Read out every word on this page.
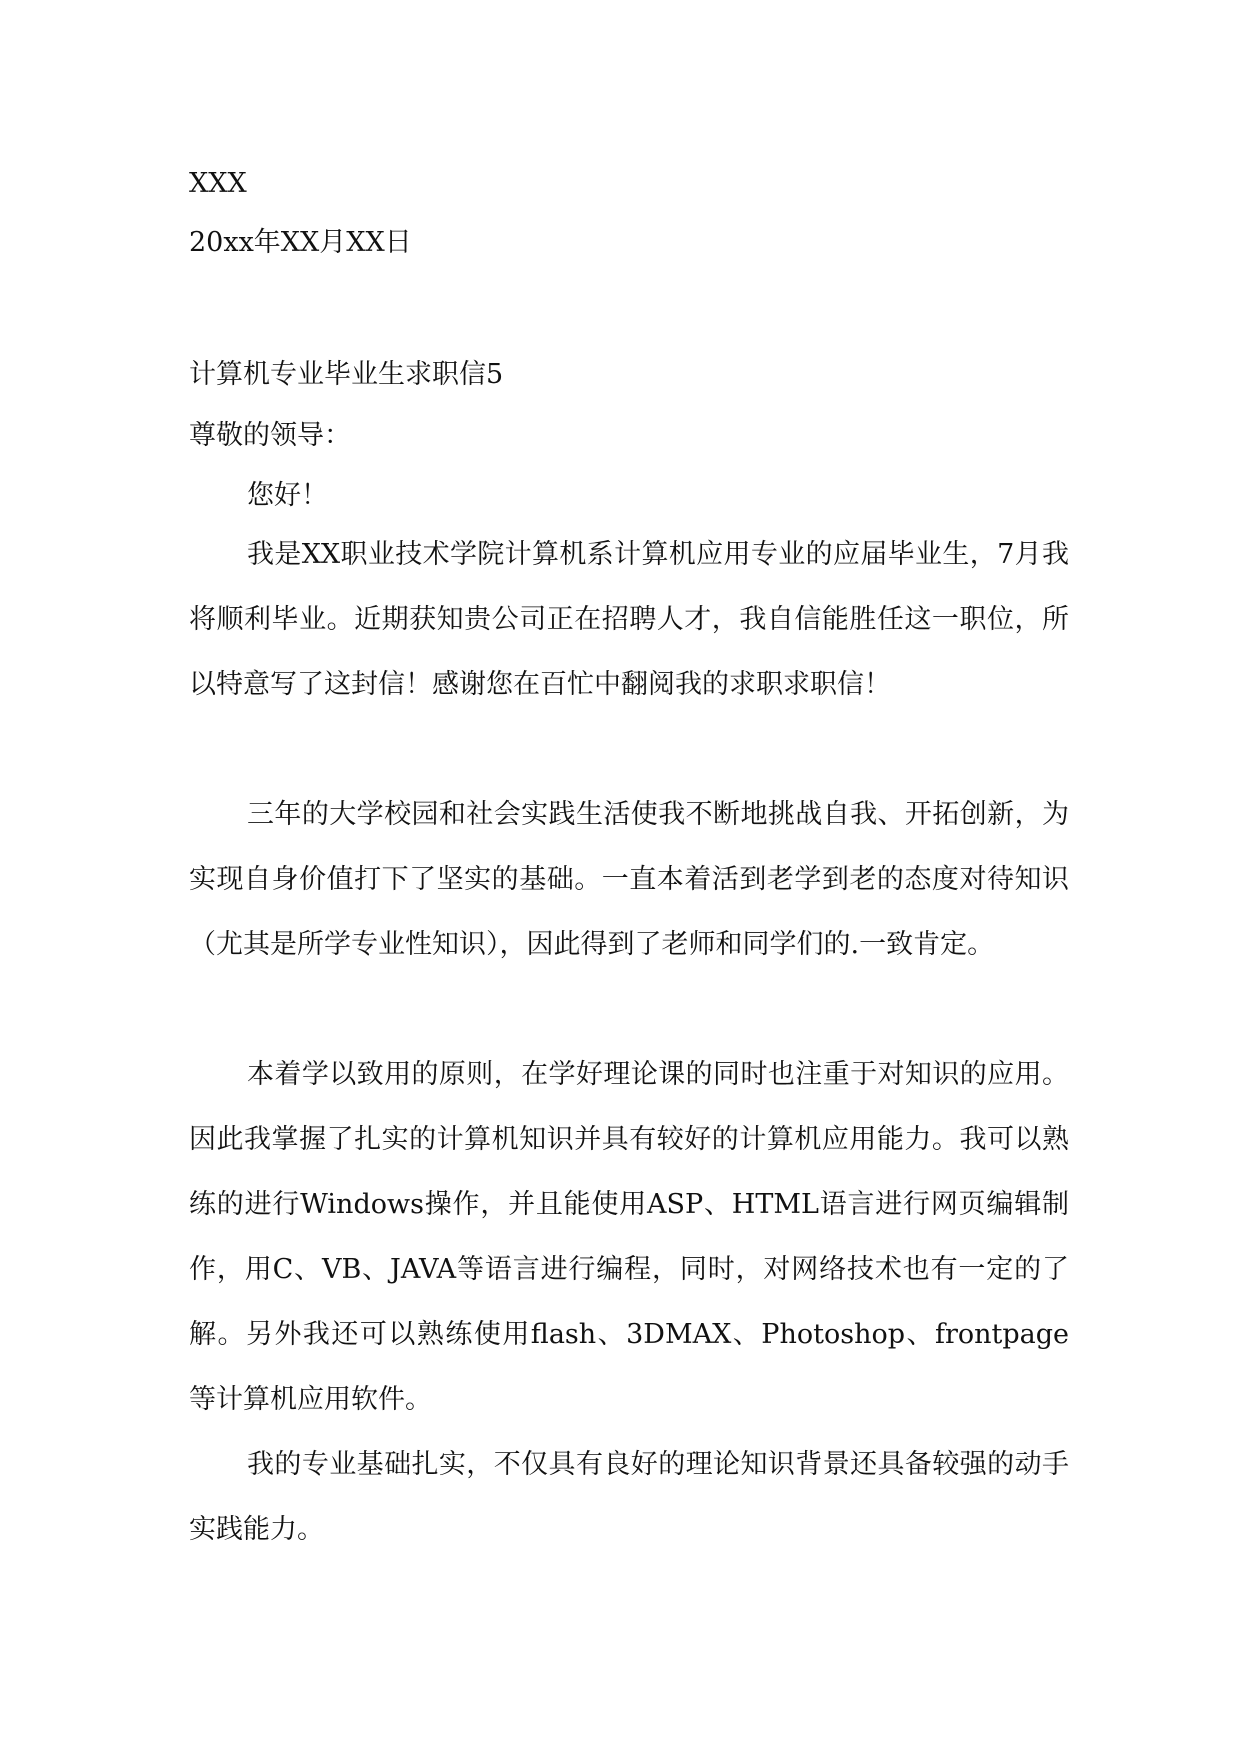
XXX

20xx年XX月XX日

计算机专业毕业生求职信5

尊敬的领导：

您好！

我是XX职业技术学院计算机系计算机应用专业的应届毕业生，7月我将顺利毕业。近期获知贵公司正在招聘人才，我自信能胜任这一职位，所以特意写了这封信！感谢您在百忙中翻阅我的求职求职信！

三年的大学校园和社会实践生活使我不断地挑战自我、开拓创新，为实现自身价值打下了坚实的基础。一直本着活到老学到老的态度对待知识（尤其是所学专业性知识），因此得到了老师和同学们的.一致肯定。

本着学以致用的原则，在学好理论课的同时也注重于对知识的应用。因此我掌握了扎实的计算机知识并具有较好的计算机应用能力。我可以熟练的进行Windows操作，并且能使用ASP、HTML语言进行网页编辑制作，用C、VB、JAVA等语言进行编程，同时，对网络技术也有一定的了解。另外我还可以熟练使用flash、3DMAX、Photoshop、frontpage等计算机应用软件。

我的专业基础扎实，不仅具有良好的理论知识背景还具备较强的动手实践能力。
